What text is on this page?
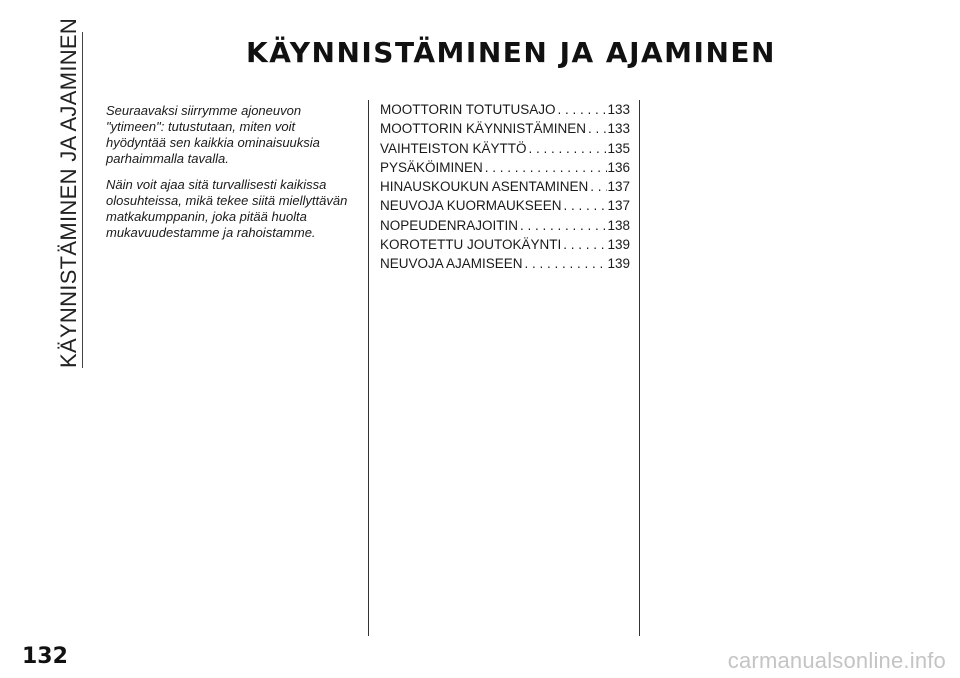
KÄYNNISTÄMINEN JA AJAMINEN	KÄYNNISTÄMINEN JA AJAMINEN

Seuraavaksi siirrymme ajoneuvon "ytimeen": tutustutaan, miten voit hyödyntää sen kaikkia ominaisuuksia parhaimmalla tavalla.

Näin voit ajaa sitä turvallisesti kaikissa olosuhteissa, mikä tekee siitä miellyttävän matkakumppanin, joka pitää huolta mukavuudestamme ja rahoistamme.

MOOTTORIN TOTUTUSAJO . . .	133
MOOTTORIN KÄYNNISTÄMINEN . . . 133
VAIHTEISTON KÄYTTÖ . . .	135
PYSÄKÖIMINEN . . .	136
HINAUSKOUKUN ASENTAMINEN . . . 137
NEUVOJA KUORMAUKSEEN . . .	137
NOPEUDENRAJOITIN . . .	138
KOROTETTU JOUTOKÄYNTI . . .	139
NEUVOJA AJAMISEEN . . .	139
132	carmanualsonline.info
